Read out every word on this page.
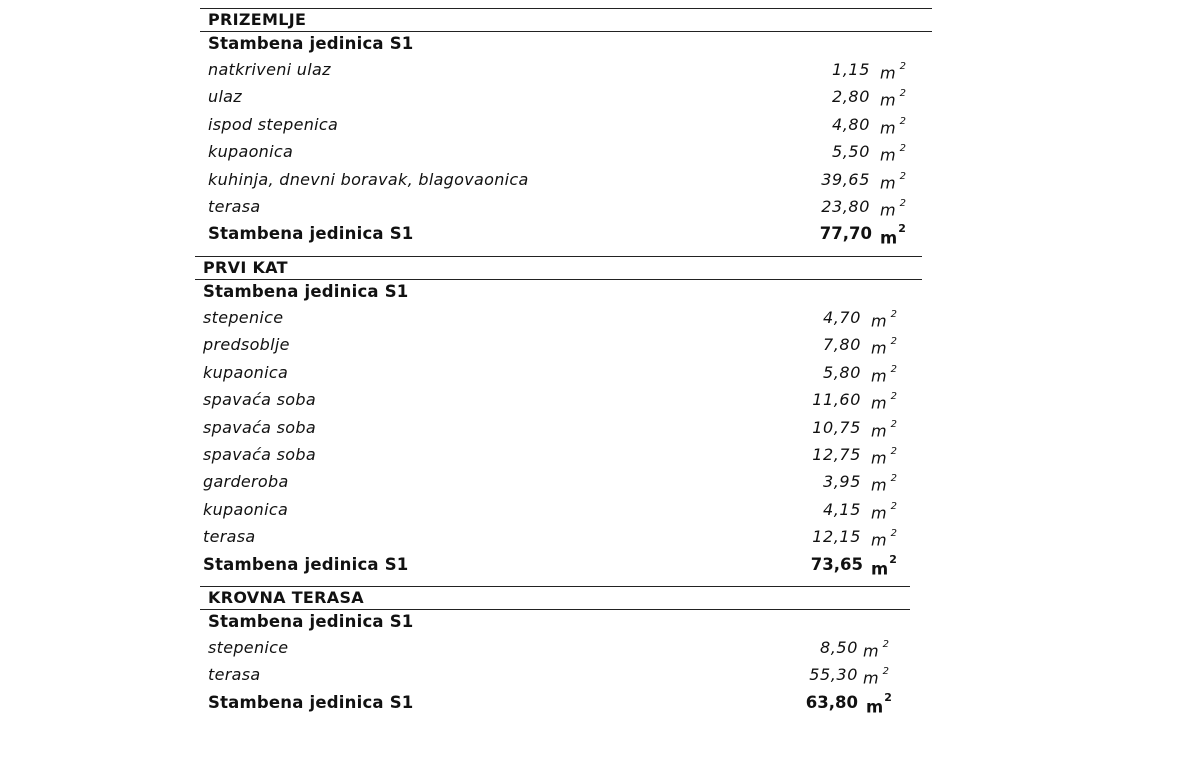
PRIZEMLJE
Stambena jedinica S1
natkriveni ulaz	1,15 m $^2$
ulaz	2,80 m $^2$
ispod stepenica	4,80 m $^2$
kupaonica	5,50 m $^2$
kuhinja, dnevni boravak, blagovaonica	39,65 m $^2$
terasa	23,80 m $^2$
Stambena jedinica S1	77,70 $m^2$
PRVI KAT
Stambena jedinica S1
stepenice	4,70 m $^2$
predsoblje	7,80 m $^2$
kupaonica	5,80 m $^2$
spavaća soba	11,60 m $^2$
spavaća soba	10,75 m $^2$
spavaća soba	12,75 m $^2$
garderoba	3,95 m $^2$
kupaonica	4,15 m $^2$
terasa	12,15 m $^2$
Stambena jedinica S1	73,65 $m^2$
KROVNA TERASA
Stambena jedinica S1
stepenice	8,50 m $^2$
terasa	55,30 m $^2$
Stambena jedinica S1	63,80 $m^2$
